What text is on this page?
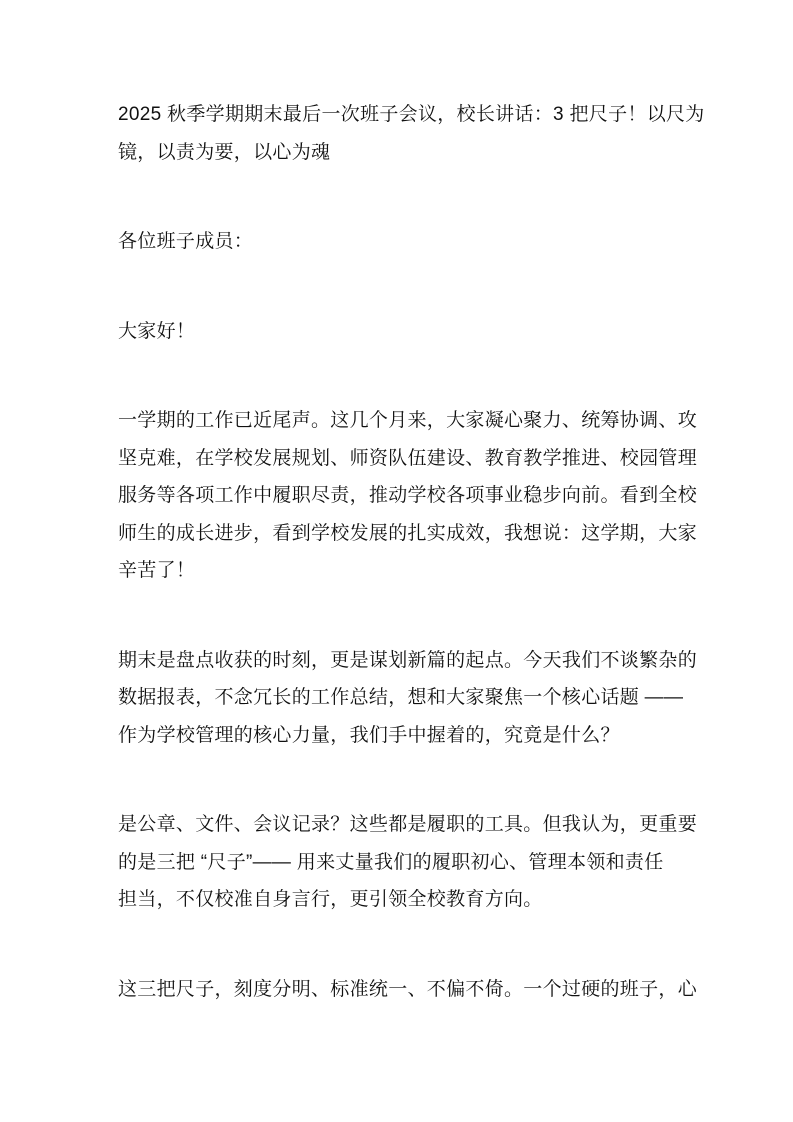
2025 秋季学期期末最后一次班子会议，校长讲话：3 把尺子！以尺为
镜，以责为要，以心为魂
各位班子成员：
大家好！
一学期的工作已近尾声。这几个月来，大家凝心聚力、统筹协调、攻
坚克难，在学校发展规划、师资队伍建设、教育教学推进、校园管理
服务等各项工作中履职尽责，推动学校各项事业稳步向前。看到全校
师生的成长进步，看到学校发展的扎实成效，我想说：这学期，大家
辛苦了！
期末是盘点收获的时刻，更是谋划新篇的起点。今天我们不谈繁杂的
数据报表，不念冗长的工作总结，想和大家聚焦一个核心话题 ——
作为学校管理的核心力量，我们手中握着的，究竟是什么？
是公章、文件、会议记录？这些都是履职的工具。但我认为，更重要
的是三把 “尺子”—— 用来丈量我们的履职初心、管理本领和责任
担当，不仅校准自身言行，更引领全校教育方向。
这三把尺子，刻度分明、标准统一、不偏不倚。一个过硬的班子，心
